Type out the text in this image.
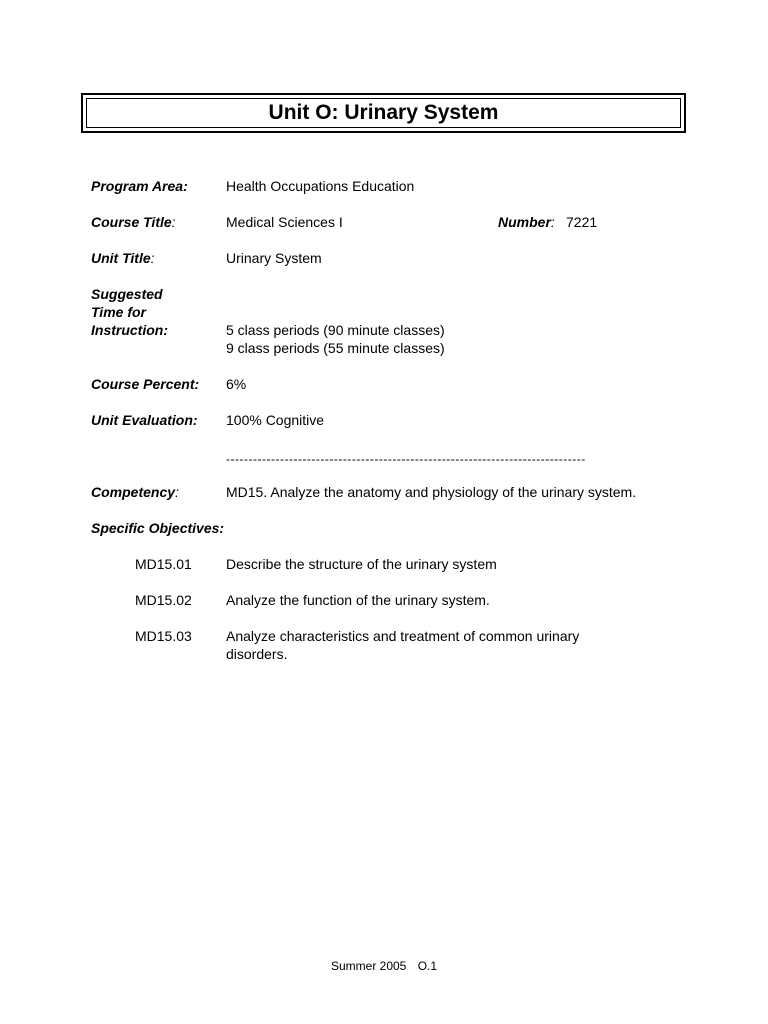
Unit O: Urinary System
Program Area:	Health Occupations Education
Course Title:	Medical Sciences I	Number: 7221
Unit Title:	Urinary System
Suggested
Time for
Instruction:	5 class periods (90 minute classes)
9 class periods (55 minute classes)
Course Percent: 6%
Unit Evaluation: 100% Cognitive
--------------------------------------------------------------------------------
Competency:	MD15. Analyze the anatomy and physiology of the urinary system.
Specific Objectives:
MD15.01 Describe the structure of the urinary system
MD15.02 Analyze the function of the urinary system.
MD15.03 Analyze characteristics and treatment of common urinary
disorders.
Summer 2005 O.1
